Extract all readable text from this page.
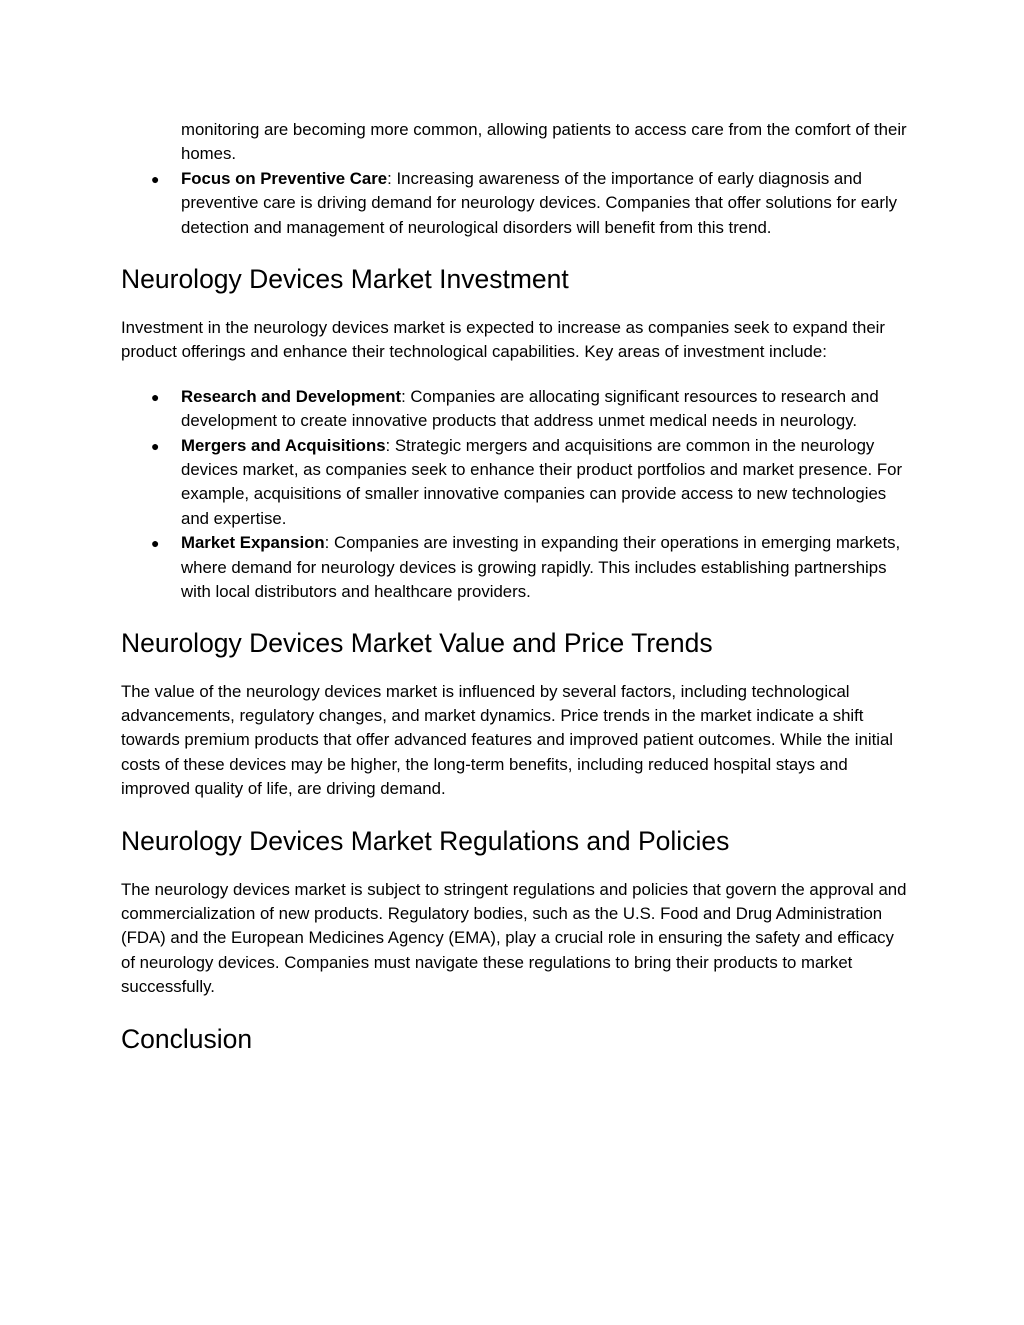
monitoring are becoming more common, allowing patients to access care from the comfort of their homes.
● Focus on Preventive Care: Increasing awareness of the importance of early diagnosis and preventive care is driving demand for neurology devices. Companies that offer solutions for early detection and management of neurological disorders will benefit from this trend.
Neurology Devices Market Investment

Investment in the neurology devices market is expected to increase as companies seek to expand their product offerings and enhance their technological capabilities. Key areas of investment include:

● Research and Development: Companies are allocating significant resources to research and development to create innovative products that address unmet medical needs in neurology.
● Mergers and Acquisitions: Strategic mergers and acquisitions are common in the neurology devices market, as companies seek to enhance their product portfolios and market presence. For example, acquisitions of smaller innovative companies can provide access to new technologies and expertise.
● Market Expansion: Companies are investing in expanding their operations in emerging markets, where demand for neurology devices is growing rapidly. This includes establishing partnerships with local distributors and healthcare providers.
Neurology Devices Market Value and Price Trends

The value of the neurology devices market is influenced by several factors, including technological advancements, regulatory changes, and market dynamics. Price trends in the market indicate a shift towards premium products that offer advanced features and improved patient outcomes. While the initial costs of these devices may be higher, the long-term benefits, including reduced hospital stays and improved quality of life, are driving demand.

Neurology Devices Market Regulations and Policies

The neurology devices market is subject to stringent regulations and policies that govern the approval and commercialization of new products. Regulatory bodies, such as the U.S. Food and Drug Administration (FDA) and the European Medicines Agency (EMA), play a crucial role in ensuring the safety and efficacy of neurology devices. Companies must navigate these regulations to bring their products to market successfully.

Conclusion
